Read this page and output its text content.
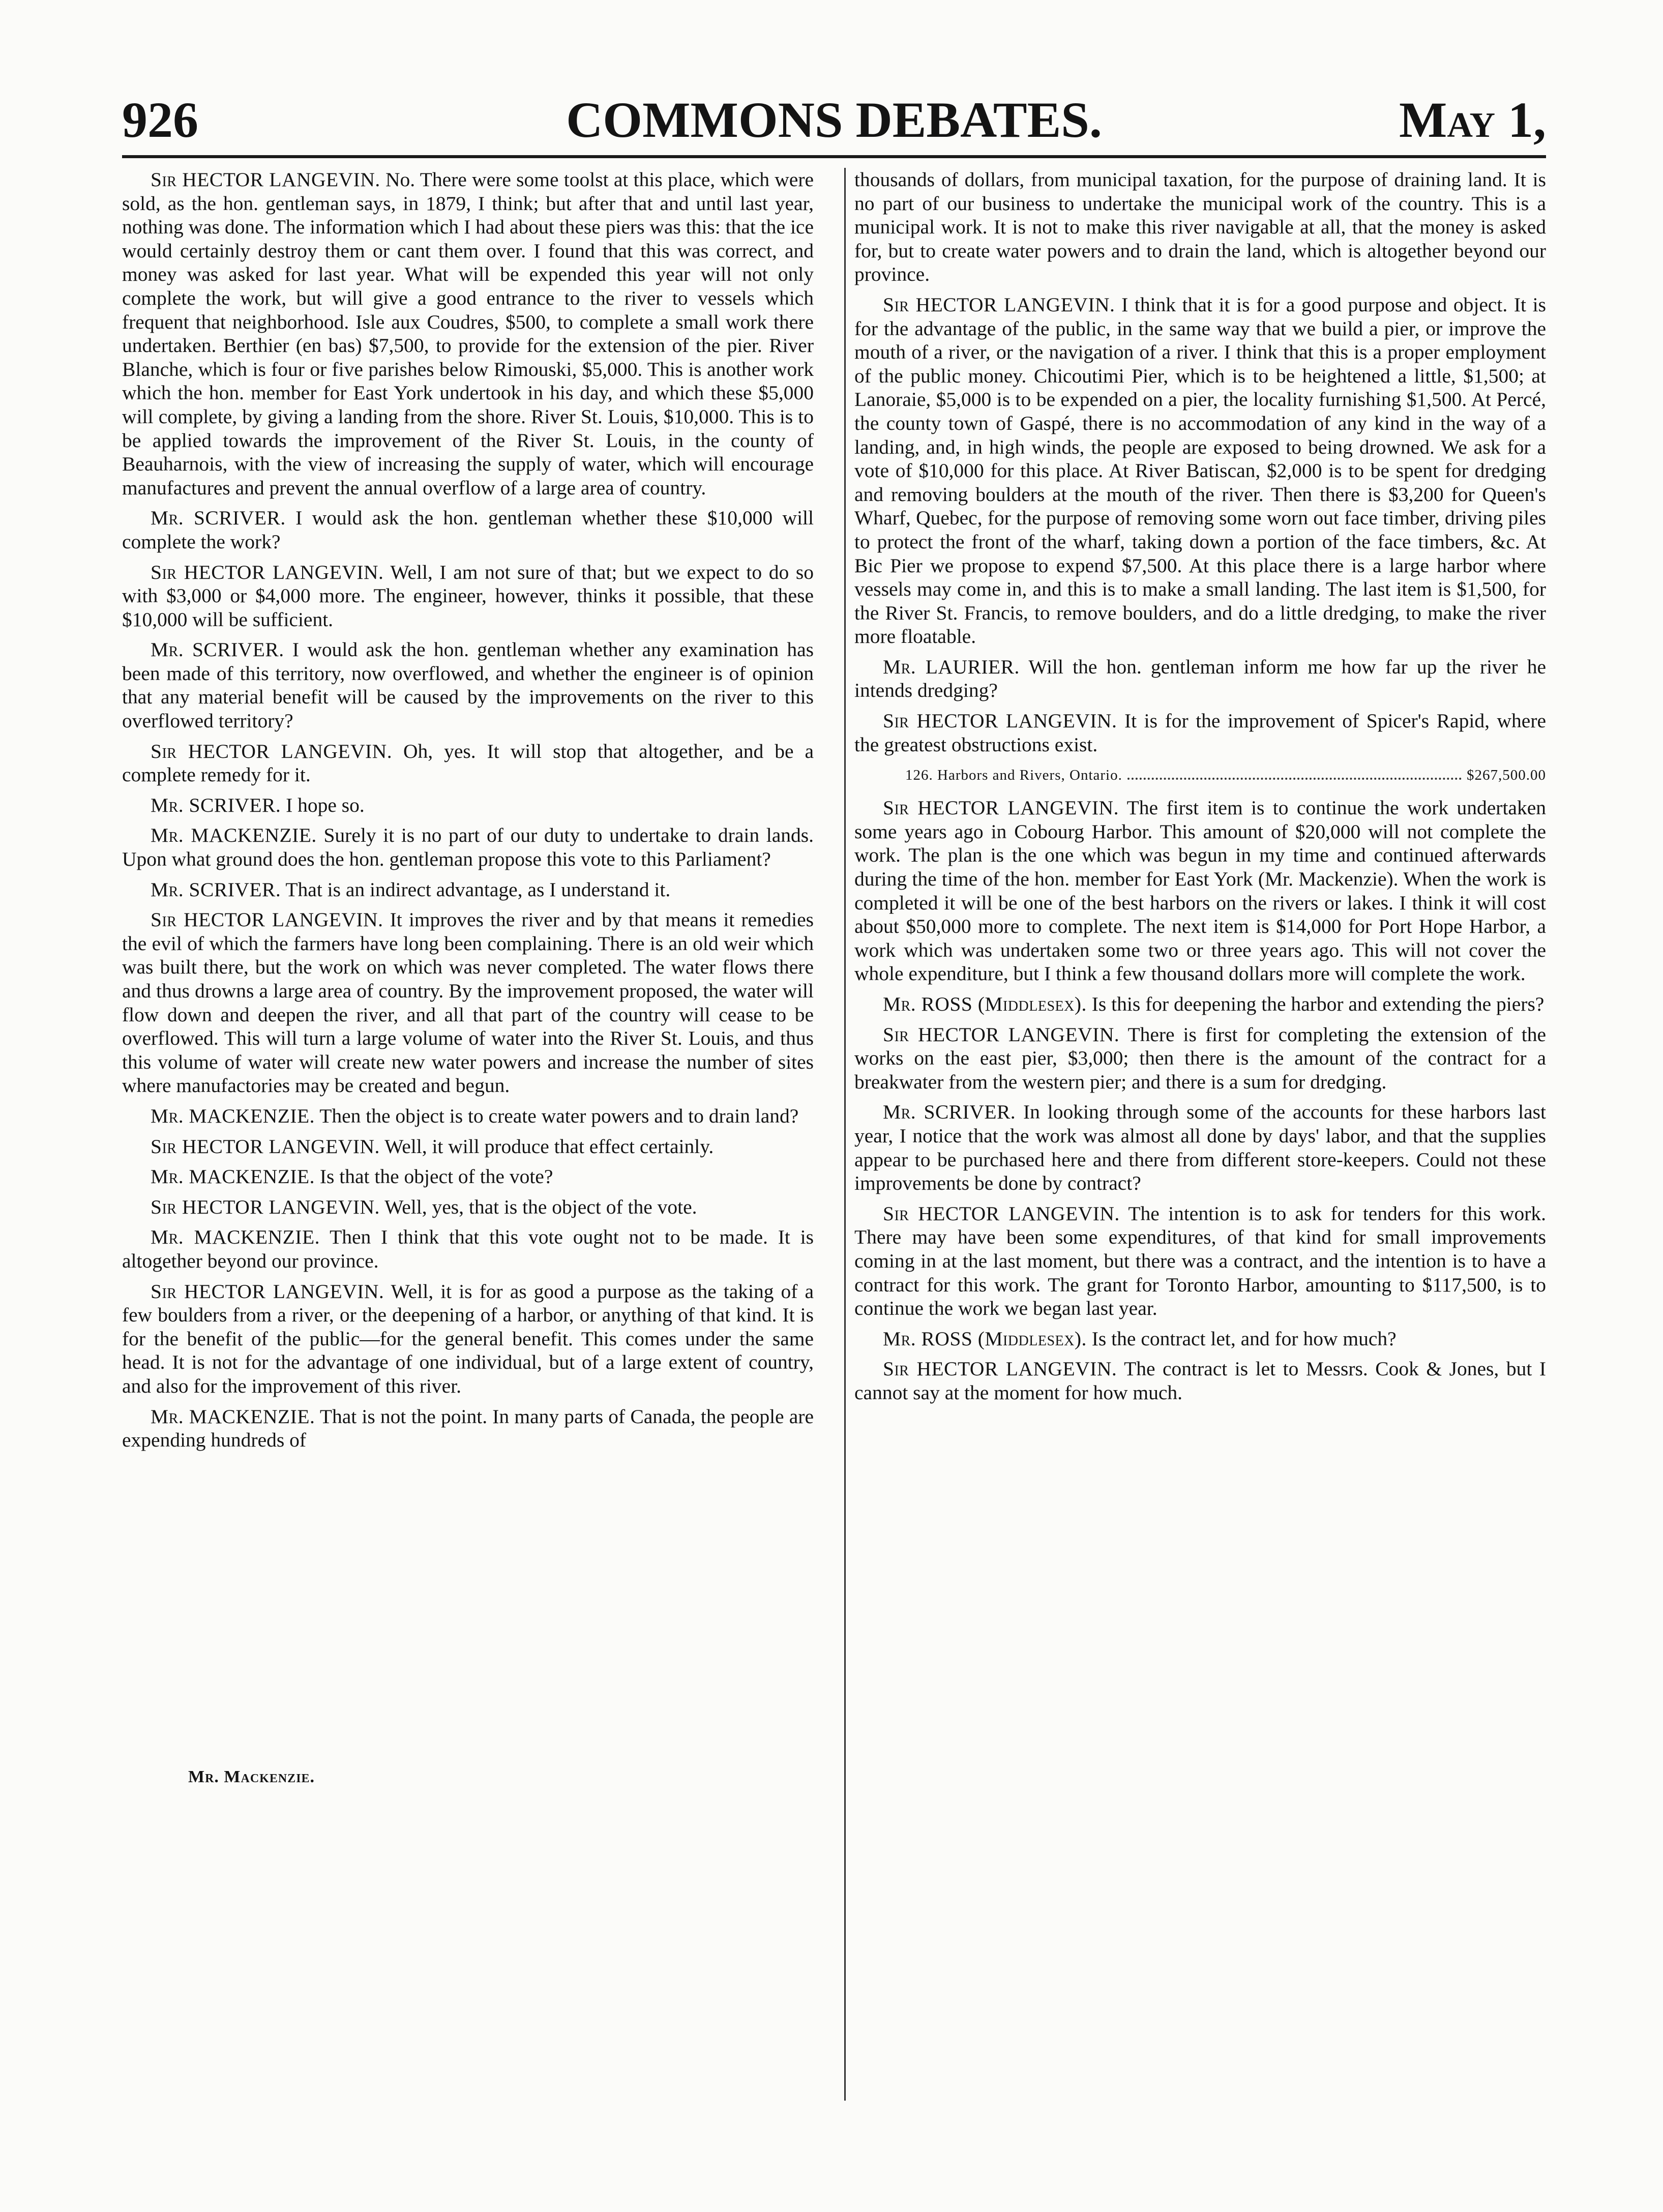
926	COMMONS DEBATES.	May 1,

Sir HECTOR LANGEVIN. No. There were some toolst at this place, which were sold, as the hon. gentleman says, in 1879, I think; but after that and until last year, nothing was done. The information which I had about these piers was this: that the ice would certainly destroy them or cant them over. I found that this was correct, and money was asked for last year. What will be expended this year will not only complete the work, but will give a good entrance to the river to vessels which frequent that neighborhood. Isle aux Coudres, $500, to complete a small work there undertaken. Berthier (en bas) $7,500, to provide for the extension of the pier. River Blanche, which is four or five parishes below Rimouski, $5,000. This is another work which the hon. member for East York undertook in his day, and which these $5,000 will complete, by giving a landing from the shore. River St. Louis, $10,000. This is to be applied towards the improvement of the River St. Louis, in the county of Beauharnois, with the view of increasing the supply of water, which will encourage manufactures and prevent the annual overflow of a large area of country.

Mr. SCRIVER. I would ask the hon. gentleman whether these $10,000 will complete the work?

Sir HECTOR LANGEVIN. Well, I am not sure of that; but we expect to do so with $3,000 or $4,000 more. The engineer, however, thinks it possible, that these $10,000 will be sufficient.

Mr. SCRIVER. I would ask the hon. gentleman whether any examination has been made of this territory, now overflowed, and whether the engineer is of opinion that any material benefit will be caused by the improvements on the river to this overflowed territory?

Sir HECTOR LANGEVIN. Oh, yes. It will stop that altogether, and be a complete remedy for it.

Mr. SCRIVER. I hope so.

Mr. MACKENZIE. Surely it is no part of our duty to undertake to drain lands. Upon what ground does the hon. gentleman propose this vote to this Parliament?

Mr. SCRIVER. That is an indirect advantage, as I understand it.

Sir HECTOR LANGEVIN. It improves the river and by that means it remedies the evil of which the farmers have long been complaining. There is an old weir which was built there, but the work on which was never completed. The water flows there and thus drowns a large area of country. By the improvement proposed, the water will flow down and deepen the river, and all that part of the country will cease to be overflowed. This will turn a large volume of water into the River St. Louis, and thus this volume of water will create new water powers and increase the number of sites where manufactories may be created and begun.

Mr. MACKENZIE. Then the object is to create water powers and to drain land?

Sir HECTOR LANGEVIN. Well, it will produce that effect certainly.

Mr. MACKENZIE. Is that the object of the vote?

Sir HECTOR LANGEVIN. Well, yes, that is the object of the vote.

Mr. MACKENZIE. Then I think that this vote ought not to be made. It is altogether beyond our province.

Sir HECTOR LANGEVIN. Well, it is for as good a purpose as the taking of a few boulders from a river, or the deepening of a harbor, or anything of that kind. It is for the benefit of the public—for the general benefit. This comes under the same head. It is not for the advantage of one individual, but of a large extent of country, and also for the improvement of this river.

Mr. MACKENZIE. That is not the point. In many parts of Canada, the people are expending hundreds of

thousands of dollars, from municipal taxation, for the purpose of draining land. It is no part of our business to undertake the municipal work of the country. This is a municipal work. It is not to make this river navigable at all, that the money is asked for, but to create water powers and to drain the land, which is altogether beyond our province.

Sir HECTOR LANGEVIN. I think that it is for a good purpose and object. It is for the advantage of the public, in the same way that we build a pier, or improve the mouth of a river, or the navigation of a river. I think that this is a proper employment of the public money. Chicoutimi Pier, which is to be heightened a little, $1,500; at Lanoraie, $5,000 is to be expended on a pier, the locality furnishing $1,500. At Percé, the county town of Gaspé, there is no accommodation of any kind in the way of a landing, and, in high winds, the people are exposed to being drowned. We ask for a vote of $10,000 for this place. At River Batiscan, $2,000 is to be spent for dredging and removing boulders at the mouth of the river. Then there is $3,200 for Queen's Wharf, Quebec, for the purpose of removing some worn out face timber, driving piles to protect the front of the wharf, taking down a portion of the face timbers, &c. At Bic Pier we propose to expend $7,500. At this place there is a large harbor where vessels may come in, and this is to make a small landing. The last item is $1,500, for the River St. Francis, to remove boulders, and do a little dredging, to make the river more floatable.

Mr. LAURIER. Will the hon. gentleman inform me how far up the river he intends dredging?

Sir HECTOR LANGEVIN. It is for the improvement of Spicer's Rapid, where the greatest obstructions exist.

126. Harbors and Rivers, Ontario.	$267,500.00

Sir HECTOR LANGEVIN. The first item is to continue the work undertaken some years ago in Cobourg Harbor. This amount of $20,000 will not complete the work. The plan is the one which was begun in my time and continued afterwards during the time of the hon. member for East York (Mr. Mackenzie). When the work is completed it will be one of the best harbors on the rivers or lakes. I think it will cost about $50,000 more to complete. The next item is $14,000 for Port Hope Harbor, a work which was undertaken some two or three years ago. This will not cover the whole expenditure, but I think a few thousand dollars more will complete the work.

Mr. ROSS (Middlesex). Is this for deepening the harbor and extending the piers?

Sir HECTOR LANGEVIN. There is first for completing the extension of the works on the east pier, $3,000; then there is the amount of the contract for a breakwater from the western pier; and there is a sum for dredging.

Mr. SCRIVER. In looking through some of the accounts for these harbors last year, I notice that the work was almost all done by days' labor, and that the supplies appear to be purchased here and there from different store-keepers. Could not these improvements be done by contract?

Sir HECTOR LANGEVIN. The intention is to ask for tenders for this work. There may have been some expenditures, of that kind for small improvements coming in at the last moment, but there was a contract, and the intention is to have a contract for this work. The grant for Toronto Harbor, amounting to $117,500, is to continue the work we began last year.

Mr. ROSS (Middlesex). Is the contract let, and for how much?

Sir HECTOR LANGEVIN. The contract is let to Messrs. Cook & Jones, but I cannot say at the moment for how much.

Mr. Mackenzie.
